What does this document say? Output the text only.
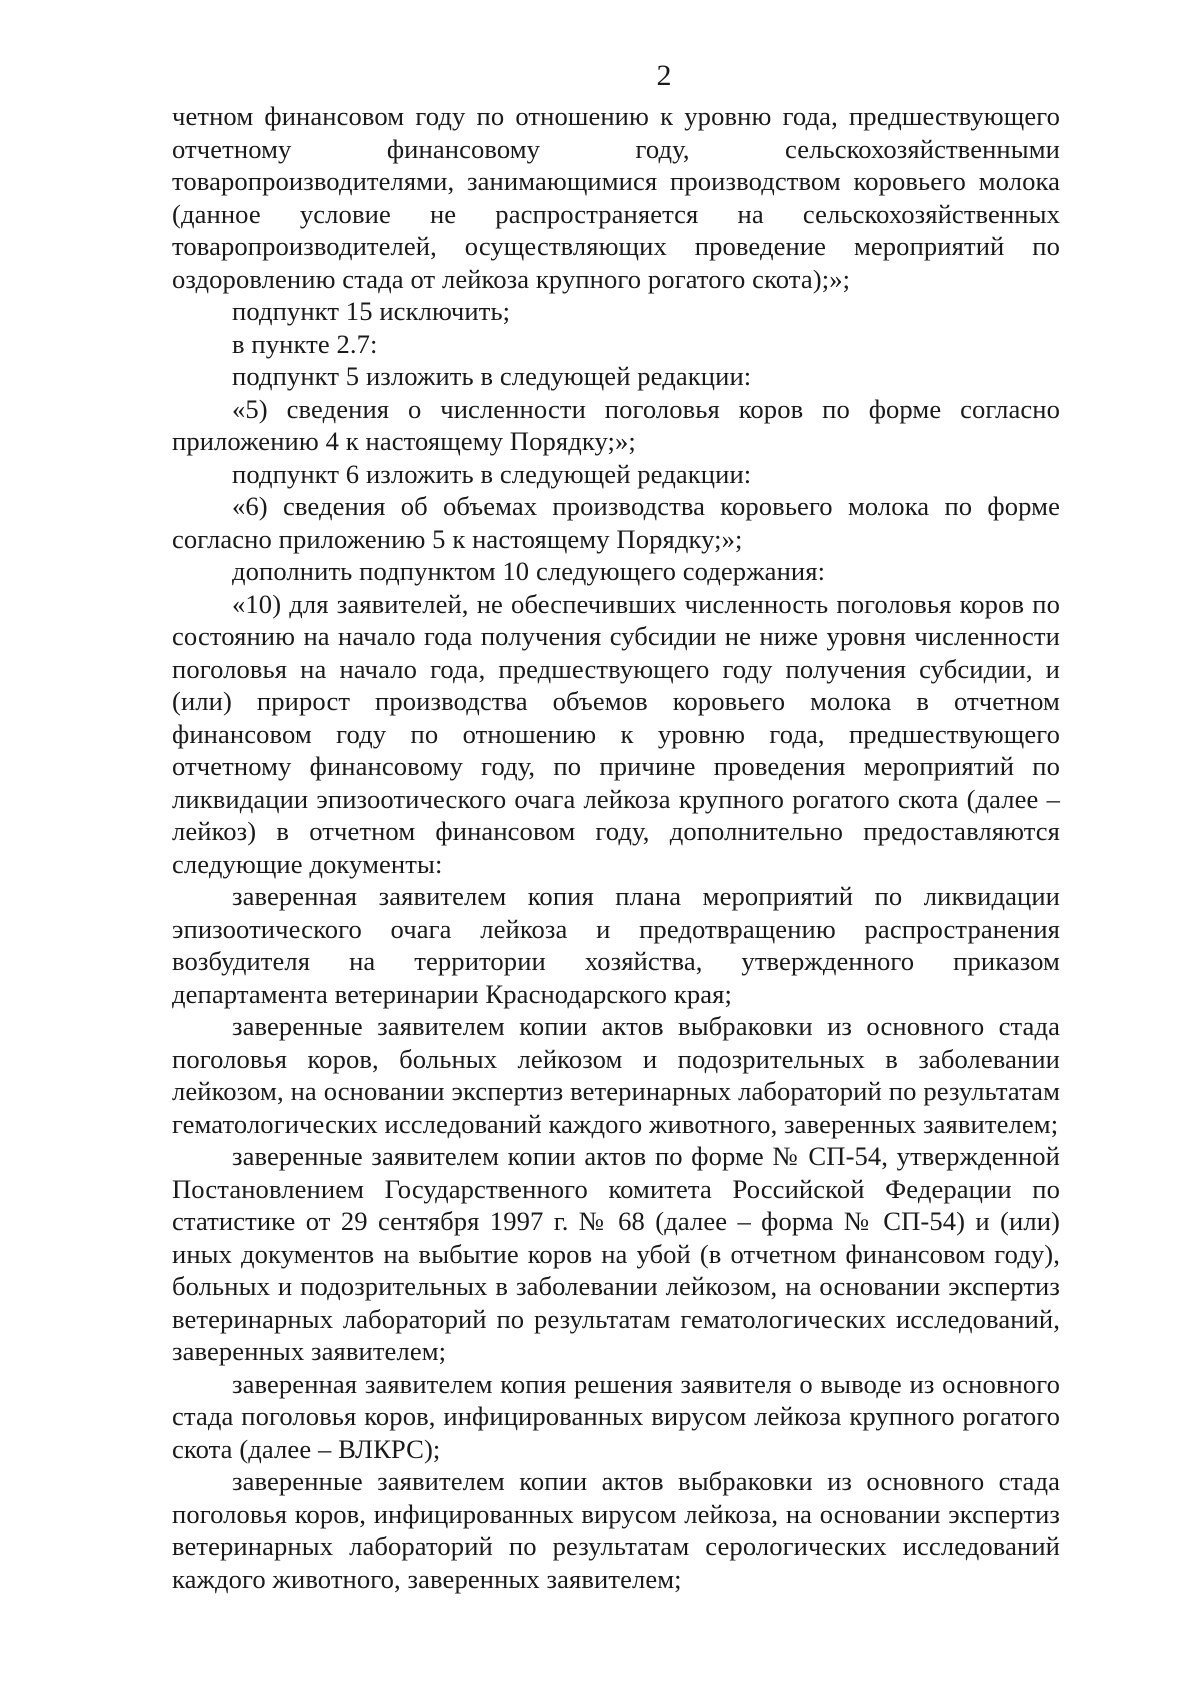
2

четном финансовом году по отношению к уровню года, предшествующего отчетному финансовому году, сельскохозяйственными товаропроизводителями, занимающимися производством коровьего молока (данное условие не распространяется на сельскохозяйственных товаропроизводителей, осуществляющих проведение мероприятий по оздоровлению стада от лейкоза крупного рогатого скота);»;

подпункт 15 исключить;

в пункте 2.7:

подпункт 5 изложить в следующей редакции:

«5) сведения о численности поголовья коров по форме согласно приложению 4 к настоящему Порядку;»;

подпункт 6 изложить в следующей редакции:

«6) сведения об объемах производства коровьего молока по форме согласно приложению 5 к настоящему Порядку;»;

дополнить подпунктом 10 следующего содержания:

«10) для заявителей, не обеспечивших численность поголовья коров по состоянию на начало года получения субсидии не ниже уровня численности поголовья на начало года, предшествующего году получения субсидии, и (или) прирост производства объемов коровьего молока в отчетном финансовом году по отношению к уровню года, предшествующего отчетному финансовому году, по причине проведения мероприятий по ликвидации эпизоотического очага лейкоза крупного рогатого скота (далее – лейкоз) в отчетном финансовом году, дополнительно предоставляются следующие документы:

заверенная заявителем копия плана мероприятий по ликвидации эпизоотического очага лейкоза и предотвращению распространения возбудителя на территории хозяйства, утвержденного приказом департамента ветеринарии Краснодарского края;

заверенные заявителем копии актов выбраковки из основного стада поголовья коров, больных лейкозом и подозрительных в заболевании лейкозом, на основании экспертиз ветеринарных лабораторий по результатам гематологических исследований каждого животного, заверенных заявителем;

заверенные заявителем копии актов по форме № СП-54, утвержденной Постановлением Государственного комитета Российской Федерации по статистике от 29 сентября 1997 г. № 68 (далее – форма № СП-54) и (или) иных документов на выбытие коров на убой (в отчетном финансовом году), больных и подозрительных в заболевании лейкозом, на основании экспертиз ветеринарных лабораторий по результатам гематологических исследований, заверенных заявителем;

заверенная заявителем копия решения заявителя о выводе из основного стада поголовья коров, инфицированных вирусом лейкоза крупного рогатого скота (далее – ВЛКРС);

заверенные заявителем копии актов выбраковки из основного стада поголовья коров, инфицированных вирусом лейкоза, на основании экспертиз ветеринарных лабораторий по результатам серологических исследований каждого животного, заверенных заявителем;
